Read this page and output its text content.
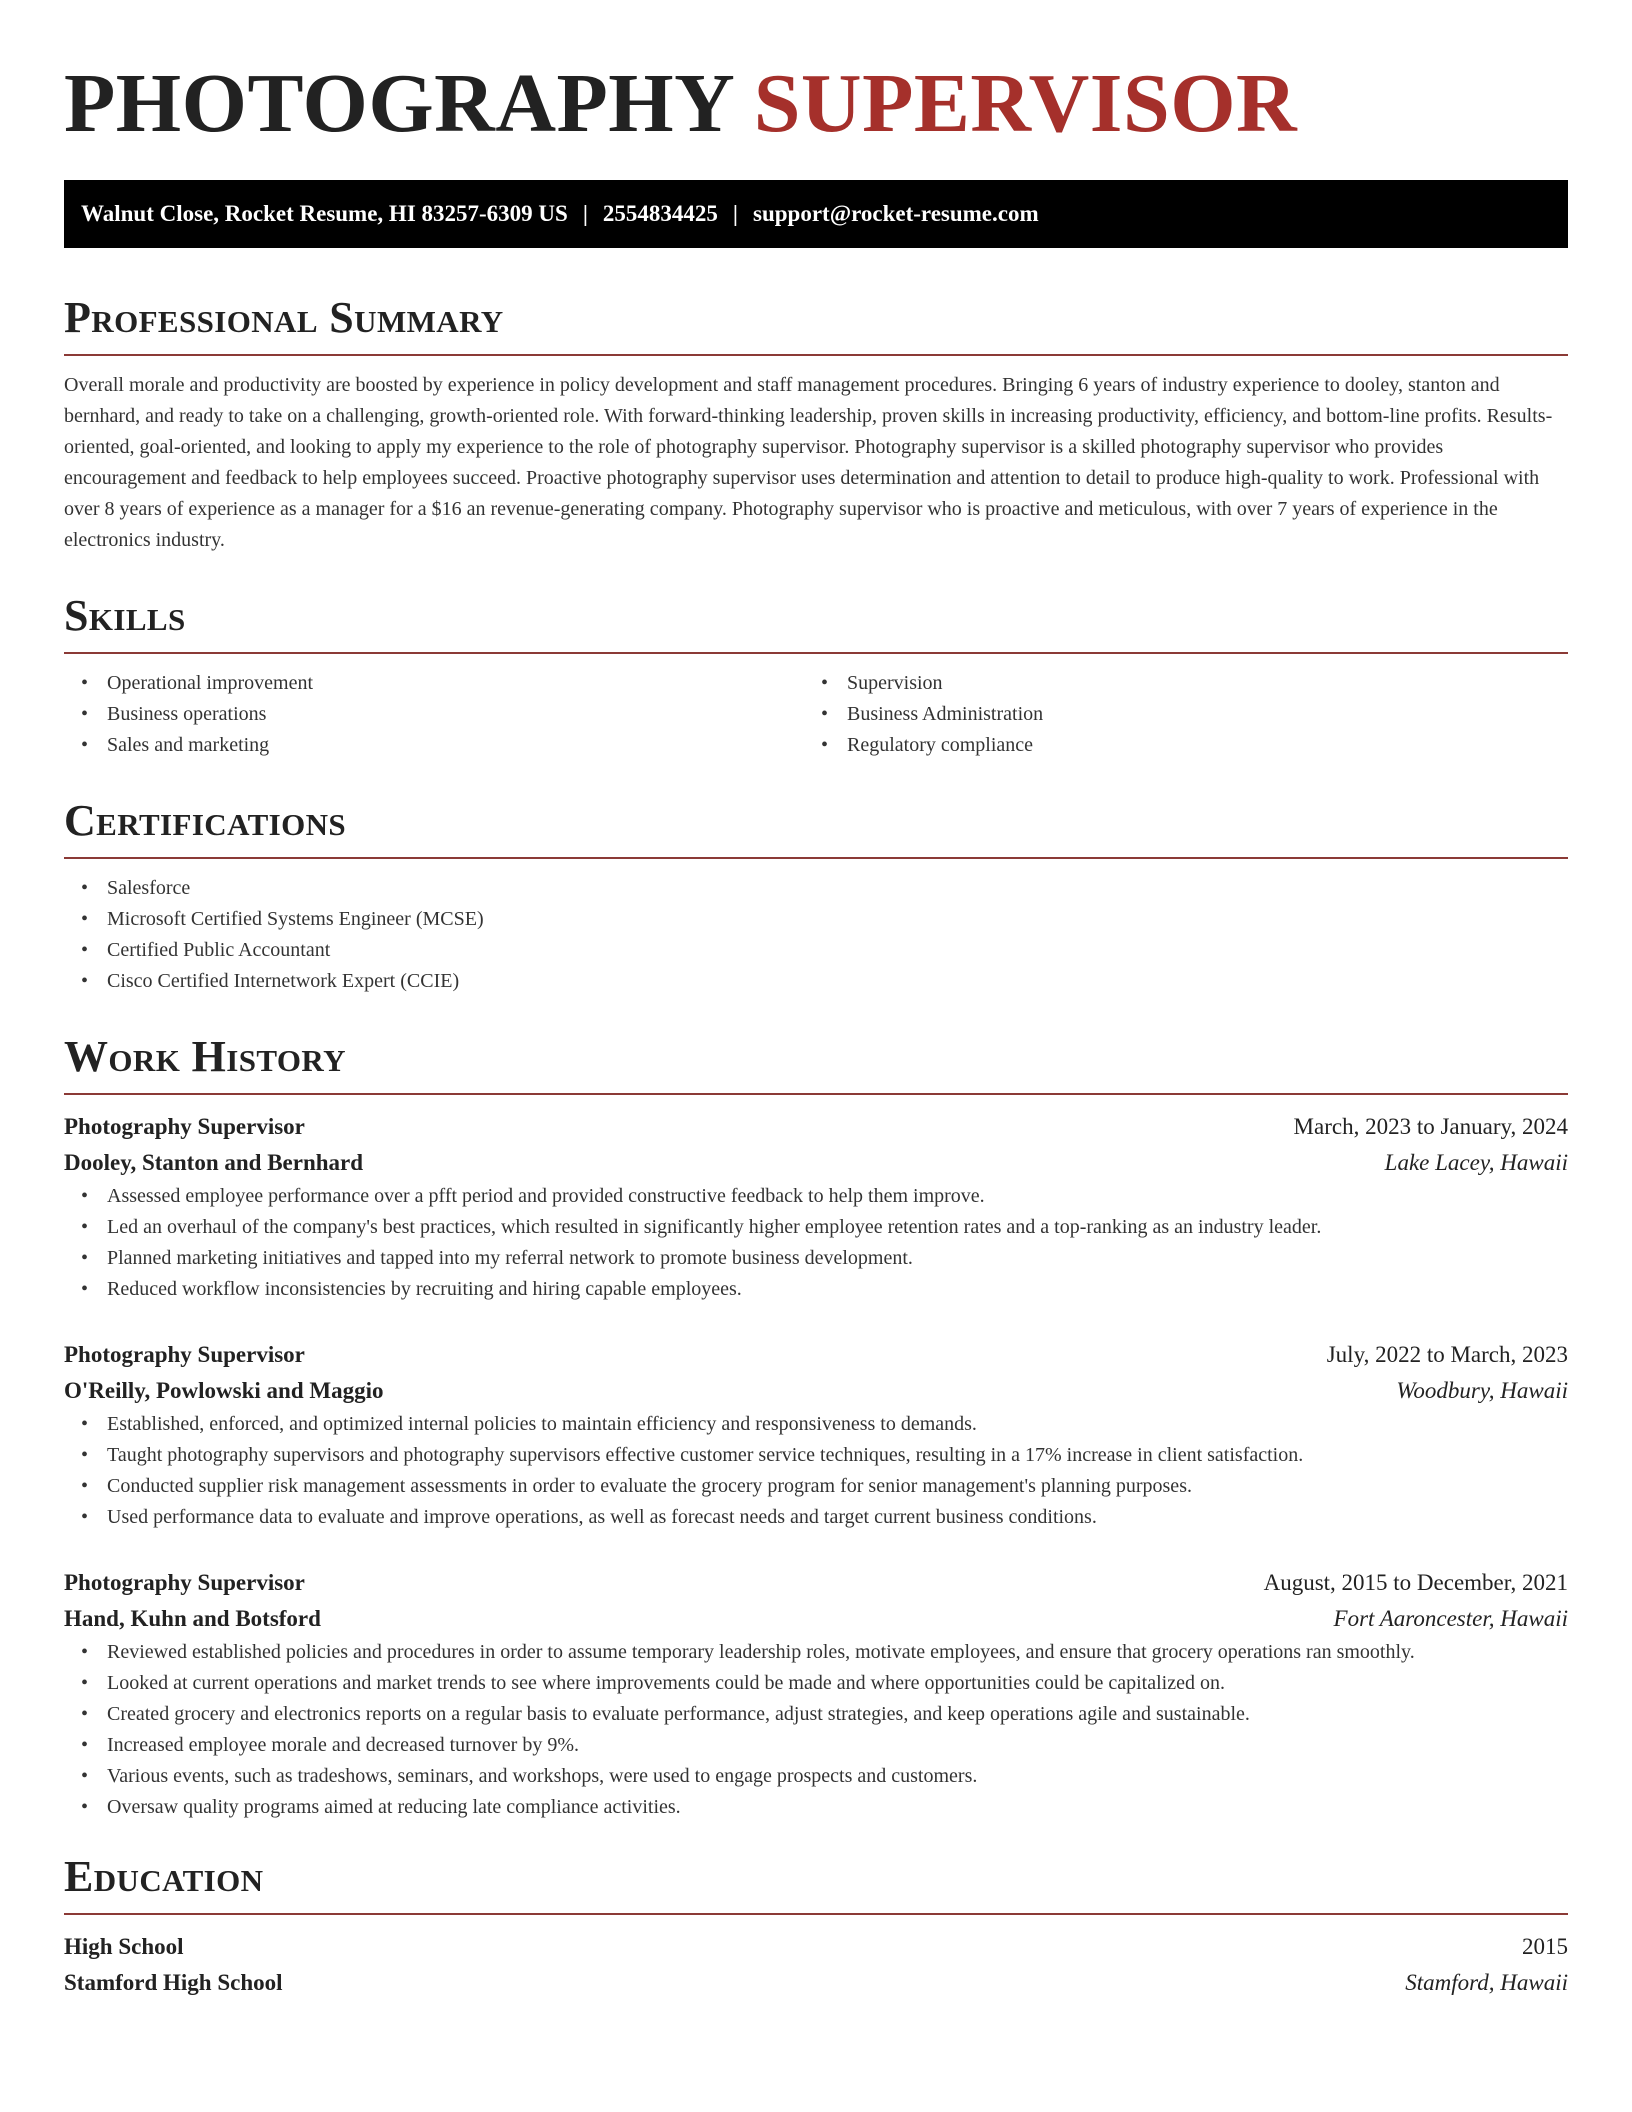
PHOTOGRAPHY SUPERVISOR
Walnut Close, Rocket Resume, HI 83257-6309 US | 2554834425 | support@rocket-resume.com
Professional Summary

Overall morale and productivity are boosted by experience in policy development and staff management procedures. Bringing 6 years of industry experience to dooley, stanton and bernhard, and ready to take on a challenging, growth-oriented role. With forward-thinking leadership, proven skills in increasing productivity, efficiency, and bottom-line profits. Results-oriented, goal-oriented, and looking to apply my experience to the role of photography supervisor. Photography supervisor is a skilled photography supervisor who provides encouragement and feedback to help employees succeed. Proactive photography supervisor uses determination and attention to detail to produce high-quality to work. Professional with over 8 years of experience as a manager for a $16 an revenue-generating company. Photography supervisor who is proactive and meticulous, with over 7 years of experience in the electronics industry.

Skills
• Operational improvement
• Business operations
• Sales and marketing
• Supervision
• Business Administration
• Regulatory compliance
Certifications
• Salesforce
• Microsoft Certified Systems Engineer (MCSE)
• Certified Public Accountant
• Cisco Certified Internetwork Expert (CCIE)
Work History
Photography Supervisor	March, 2023 to January, 2024
Dooley, Stanton and Bernhard	Lake Lacey, Hawaii
• Assessed employee performance over a pfft period and provided constructive feedback to help them improve.
• Led an overhaul of the company's best practices, which resulted in significantly higher employee retention rates and a top-ranking as an industry leader.
• Planned marketing initiatives and tapped into my referral network to promote business development.
• Reduced workflow inconsistencies by recruiting and hiring capable employees.
Photography Supervisor	July, 2022 to March, 2023
O'Reilly, Powlowski and Maggio	Woodbury, Hawaii
• Established, enforced, and optimized internal policies to maintain efficiency and responsiveness to demands.
• Taught photography supervisors and photography supervisors effective customer service techniques, resulting in a 17% increase in client satisfaction.
• Conducted supplier risk management assessments in order to evaluate the grocery program for senior management's planning purposes.
• Used performance data to evaluate and improve operations, as well as forecast needs and target current business conditions.
Photography Supervisor	August, 2015 to December, 2021
Hand, Kuhn and Botsford	Fort Aaroncester, Hawaii
• Reviewed established policies and procedures in order to assume temporary leadership roles, motivate employees, and ensure that grocery operations ran smoothly.
• Looked at current operations and market trends to see where improvements could be made and where opportunities could be capitalized on.
• Created grocery and electronics reports on a regular basis to evaluate performance, adjust strategies, and keep operations agile and sustainable.
• Increased employee morale and decreased turnover by 9%.
• Various events, such as tradeshows, seminars, and workshops, were used to engage prospects and customers.
• Oversaw quality programs aimed at reducing late compliance activities.
Education
High School	2015
Stamford High School	Stamford, Hawaii
